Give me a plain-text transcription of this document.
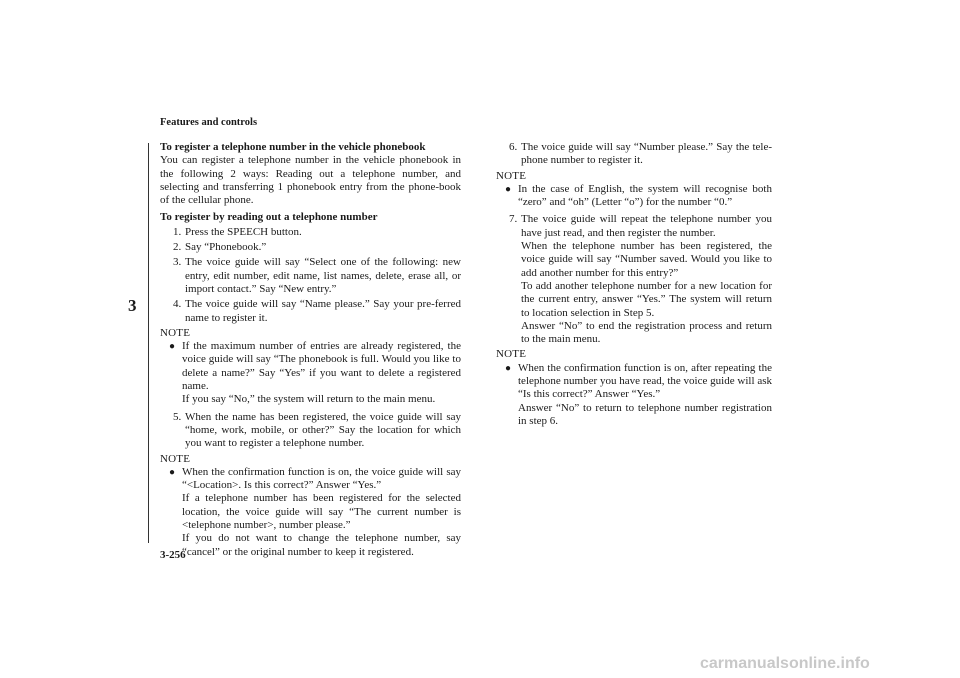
Features and controls
3

To register a telephone number in the vehicle phonebook

You can register a telephone number in the vehicle phonebook in the following 2 ways: Reading out a telephone number, and selecting and transferring 1 phonebook entry from the phone-book of the cellular phone.

To register by reading out a telephone number

1. Press the SPEECH button.
2. Say “Phonebook.”
3. The voice guide will say “Select one of the following: new entry, edit number, edit name, list names, delete, erase all, or import contact.” Say “New entry.”
4. The voice guide will say “Name please.” Say your pre-ferred name to register it.
NOTE
● If the maximum number of entries are already registered, the voice guide will say “The phonebook is full. Would you like to delete a name?” Say “Yes” if you want to delete a registered name.
If you say “No,” the system will return to the main menu.
5. When the name has been registered, the voice guide will say “home, work, mobile, or other?” Say the location for which you want to register a telephone number.
NOTE
● When the confirmation function is on, the voice guide will say “<Location>. Is this correct?” Answer “Yes.”
If a telephone number has been registered for the selected location, the voice guide will say “The current number is <telephone number>, number please.”
If you do not want to change the telephone number, say “cancel” or the original number to keep it registered.
6. The voice guide will say “Number please.” Say the tele-phone number to register it.
NOTE
● In the case of English, the system will recognise both “zero” and “oh” (Letter “o”) for the number “0.”
7. The voice guide will repeat the telephone number you have just read, and then register the number.
When the telephone number has been registered, the voice guide will say “Number saved. Would you like to add another number for this entry?”
To add another telephone number for a new location for the current entry, answer “Yes.” The system will return to location selection in Step 5.
Answer “No” to end the registration process and return to the main menu.
NOTE
● When the confirmation function is on, after repeating the telephone number you have read, the voice guide will ask “Is this correct?” Answer “Yes.”
Answer “No” to return to telephone number registration in step 6.
3-256
carmanualsonline.info
